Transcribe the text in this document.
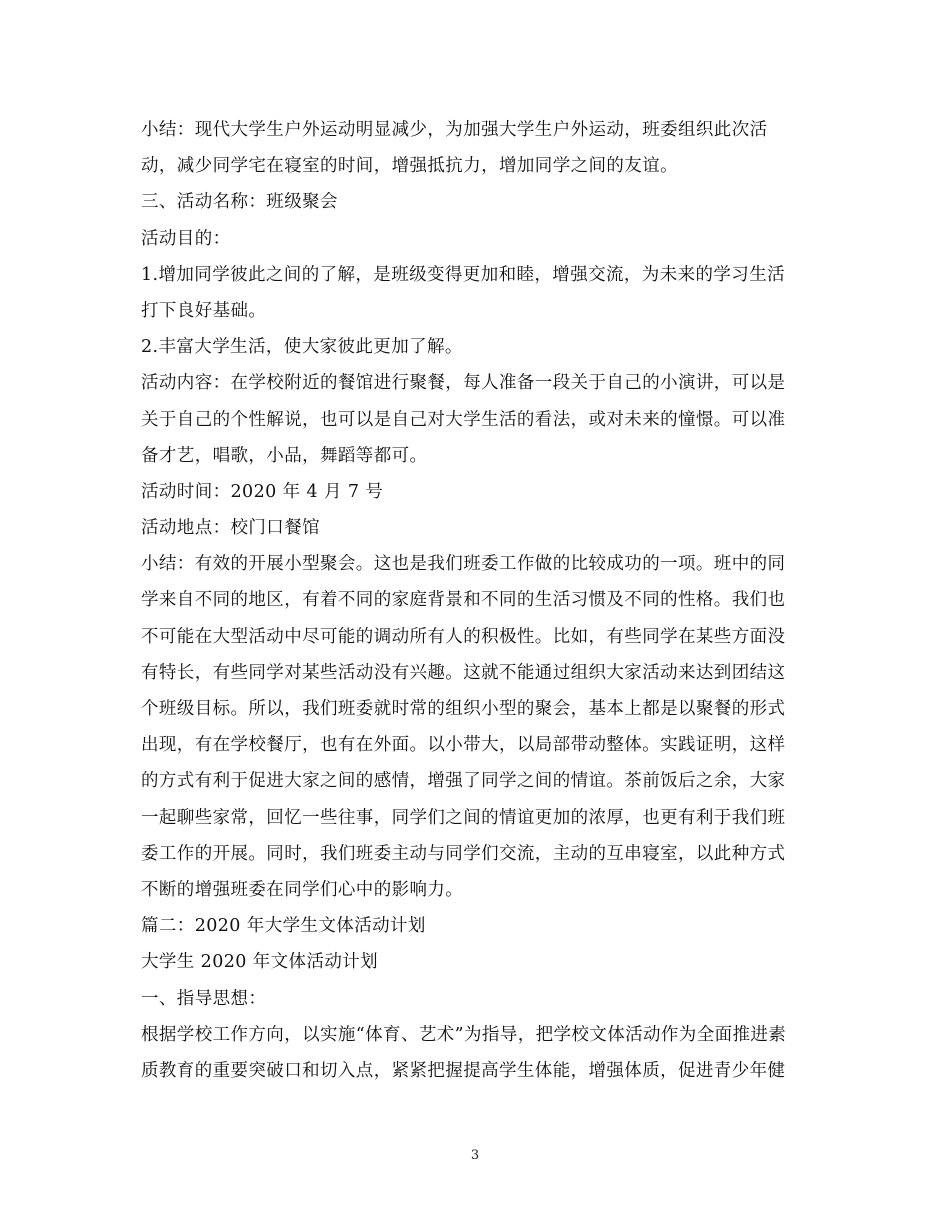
小结：现代大学生户外运动明显减少，为加强大学生户外运动，班委组织此次活
动，减少同学宅在寝室的时间，增强抵抗力，增加同学之间的友谊。
三、活动名称：班级聚会
活动目的：
1.增加同学彼此之间的了解，是班级变得更加和睦，增强交流，为未来的学习生活
打下良好基础。
2.丰富大学生活，使大家彼此更加了解。
活动内容：在学校附近的餐馆进行聚餐，每人准备一段关于自己的小演讲，可以是
关于自己的个性解说，也可以是自己对大学生活的看法，或对未来的憧憬。可以准
备才艺，唱歌，小品，舞蹈等都可。
活动时间：2020 年 4 月 7 号
活动地点：校门口餐馆
小结：有效的开展小型聚会。这也是我们班委工作做的比较成功的一项。班中的同
学来自不同的地区，有着不同的家庭背景和不同的生活习惯及不同的性格。我们也
不可能在大型活动中尽可能的调动所有人的积极性。比如，有些同学在某些方面没
有特长，有些同学对某些活动没有兴趣。这就不能通过组织大家活动来达到团结这
个班级目标。所以，我们班委就时常的组织小型的聚会，基本上都是以聚餐的形式
出现，有在学校餐厅，也有在外面。以小带大，以局部带动整体。实践证明，这样
的方式有利于促进大家之间的感情，增强了同学之间的情谊。茶前饭后之余，大家
一起聊些家常，回忆一些往事，同学们之间的情谊更加的浓厚，也更有利于我们班
委工作的开展。同时，我们班委主动与同学们交流，主动的互串寝室，以此种方式
不断的增强班委在同学们心中的影响力。
篇二：2020 年大学生文体活动计划
大学生 2020 年文体活动计划
一、指导思想：
根据学校工作方向，以实施“体育、艺术”为指导，把学校文体活动作为全面推进素
质教育的重要突破口和切入点，紧紧把握提高学生体能，增强体质，促进青少年健
3
